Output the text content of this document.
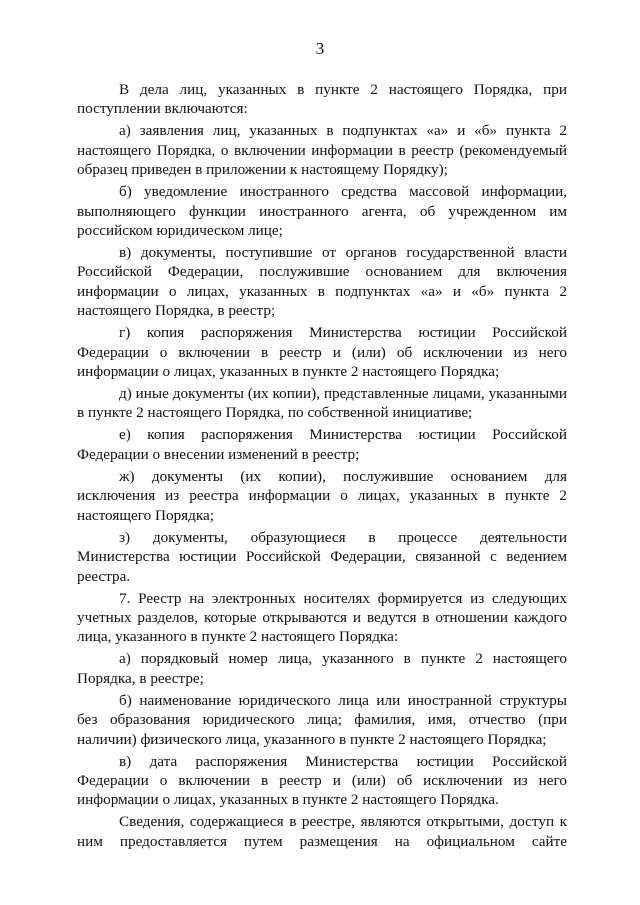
3

В дела лиц, указанных в пункте 2 настоящего Порядка, при поступлении включаются:

а) заявления лиц, указанных в подпунктах «а» и «б» пункта 2 настоящего Порядка, о включении информации в реестр (рекомендуемый образец приведен в приложении к настоящему Порядку);

б) уведомление иностранного средства массовой информации, выполняющего функции иностранного агента, об учрежденном им российском юридическом лице;

в) документы, поступившие от органов государственной власти Российской Федерации, послужившие основанием для включения информации о лицах, указанных в подпунктах «а» и «б» пункта 2 настоящего Порядка, в реестр;

г) копия распоряжения Министерства юстиции Российской Федерации о включении в реестр и (или) об исключении из него информации о лицах, указанных в пункте 2 настоящего Порядка;

д) иные документы (их копии), представленные лицами, указанными в пункте 2 настоящего Порядка, по собственной инициативе;

е) копия распоряжения Министерства юстиции Российской Федерации о внесении изменений в реестр;

ж) документы (их копии), послужившие основанием для исключения из реестра информации о лицах, указанных в пункте 2 настоящего Порядка;

з) документы, образующиеся в процессе деятельности Министерства юстиции Российской Федерации, связанной с ведением реестра.

7. Реестр на электронных носителях формируется из следующих учетных разделов, которые открываются и ведутся в отношении каждого лица, указанного в пункте 2 настоящего Порядка:

а) порядковый номер лица, указанного в пункте 2 настоящего Порядка, в реестре;

б) наименование юридического лица или иностранной структуры без образования юридического лица; фамилия, имя, отчество (при наличии) физического лица, указанного в пункте 2 настоящего Порядка;

в) дата распоряжения Министерства юстиции Российской Федерации о включении в реестр и (или) об исключении из него информации о лицах, указанных в пункте 2 настоящего Порядка.

Сведения, содержащиеся в реестре, являются открытыми, доступ к ним предоставляется путем размещения на официальном сайте
